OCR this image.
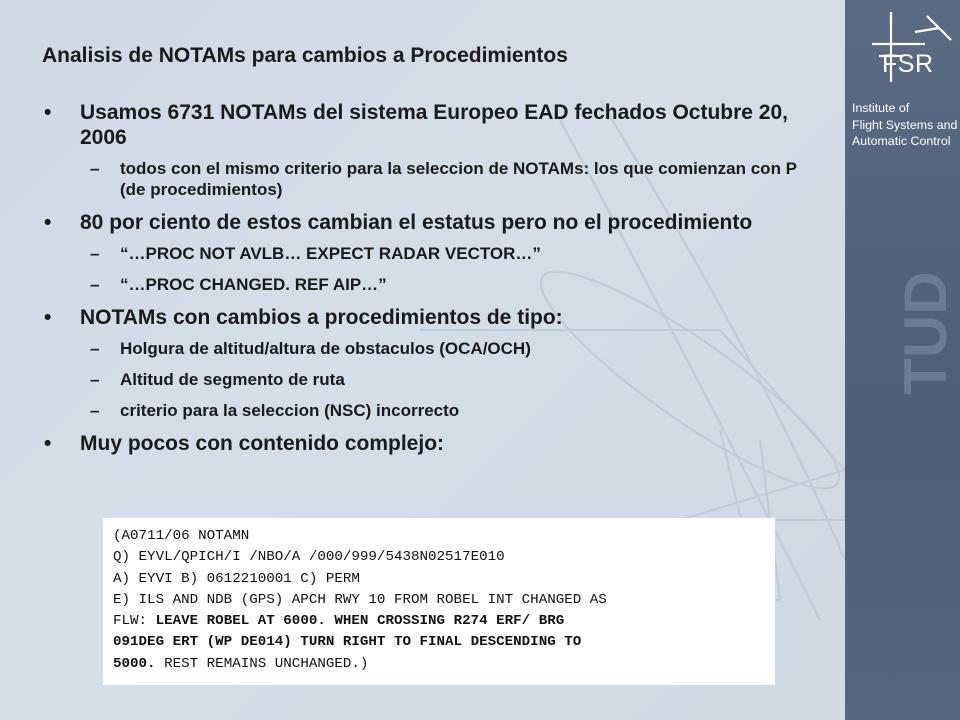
Analisis de NOTAMs para cambios a Procedimientos
• Usamos 6731 NOTAMs del sistema Europeo EAD fechados Octubre 20, 2006
– todos con el mismo criterio para la seleccion de NOTAMs: los que comienzan con P (de procedimientos)
• 80 por ciento de estos cambian el estatus pero no el procedimiento
– “…PROC NOT AVLB… EXPECT RADAR VECTOR…”
– “…PROC CHANGED. REF AIP…”
• NOTAMs con cambios a procedimientos de tipo:
– Holgura de altitud/altura de obstaculos (OCA/OCH)
– Altitud de segmento de ruta
– criterio para la seleccion (NSC) incorrecto
• Muy pocos con contenido complejo:
(A0711/06 NOTAMN
Q) EYVL/QPICH/I /NBO/A /000/999/5438N02517E010
A) EYVI B) 0612210001 C) PERM
E) ILS AND NDB (GPS) APCH RWY 10 FROM ROBEL INT CHANGED AS
FLW: LEAVE ROBEL AT 6000. WHEN CROSSING R274 ERF/ BRG
091DEG ERT (WP DE014) TURN RIGHT TO FINAL DESCENDING TO
5000. REST REMAINS UNCHANGED.)
FSR
Institute of
Flight Systems and
Automatic Control
TUD
